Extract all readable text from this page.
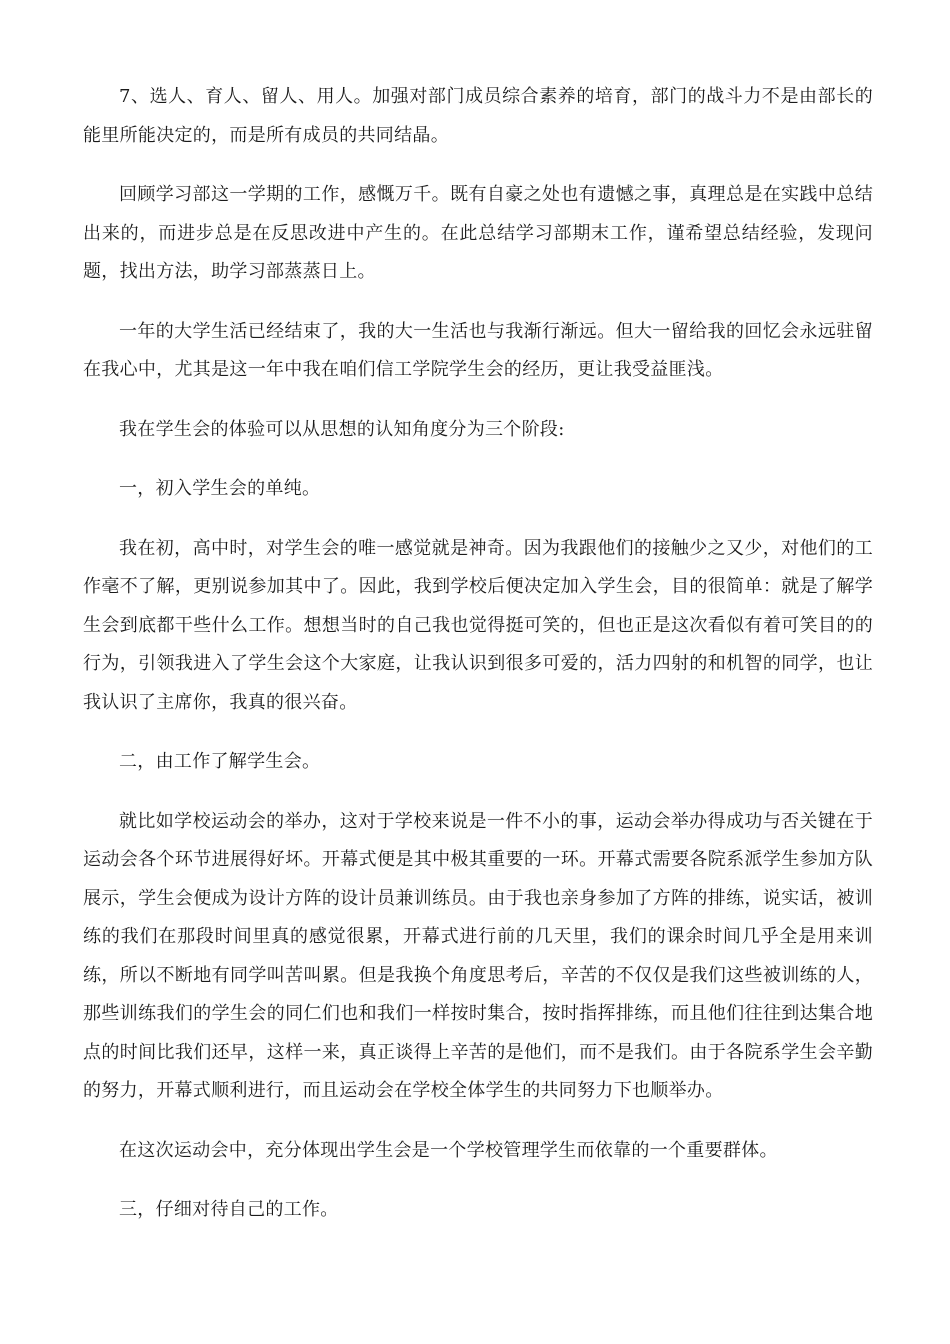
7、选人、育人、留人、用人。加强对部门成员综合素养的培育，部门的战斗力不是由部长的能里所能决定的，而是所有成员的共同结晶。

回顾学习部这一学期的工作，感慨万千。既有自豪之处也有遗憾之事，真理总是在实践中总结出来的，而进步总是在反思改进中产生的。在此总结学习部期末工作，谨希望总结经验，发现问题，找出方法，助学习部蒸蒸日上。

一年的大学生活已经结束了，我的大一生活也与我渐行渐远。但大一留给我的回忆会永远驻留在我心中，尤其是这一年中我在咱们信工学院学生会的经历，更让我受益匪浅。

我在学生会的体验可以从思想的认知角度分为三个阶段:

一，初入学生会的单纯。

我在初，高中时，对学生会的唯一感觉就是神奇。因为我跟他们的接触少之又少，对他们的工作毫不了解，更别说参加其中了。因此，我到学校后便决定加入学生会，目的很简单：就是了解学生会到底都干些什么工作。想想当时的自己我也觉得挺可笑的，但也正是这次看似有着可笑目的的行为，引领我进入了学生会这个大家庭，让我认识到很多可爱的，活力四射的和机智的同学，也让我认识了主席你，我真的很兴奋。

二，由工作了解学生会。

就比如学校运动会的举办，这对于学校来说是一件不小的事，运动会举办得成功与否关键在于运动会各个环节进展得好坏。开幕式便是其中极其重要的一环。开幕式需要各院系派学生参加方队展示，学生会便成为设计方阵的设计员兼训练员。由于我也亲身参加了方阵的排练，说实话，被训练的我们在那段时间里真的感觉很累，开幕式进行前的几天里，我们的课余时间几乎全是用来训练，所以不断地有同学叫苦叫累。但是我换个角度思考后，辛苦的不仅仅是我们这些被训练的人，那些训练我们的学生会的同仁们也和我们一样按时集合，按时指挥排练，而且他们往往到达集合地点的时间比我们还早，这样一来，真正谈得上辛苦的是他们，而不是我们。由于各院系学生会辛勤的努力，开幕式顺利进行，而且运动会在学校全体学生的共同努力下也顺举办。

在这次运动会中，充分体现出学生会是一个学校管理学生而依靠的一个重要群体。

三，仔细对待自己的工作。
